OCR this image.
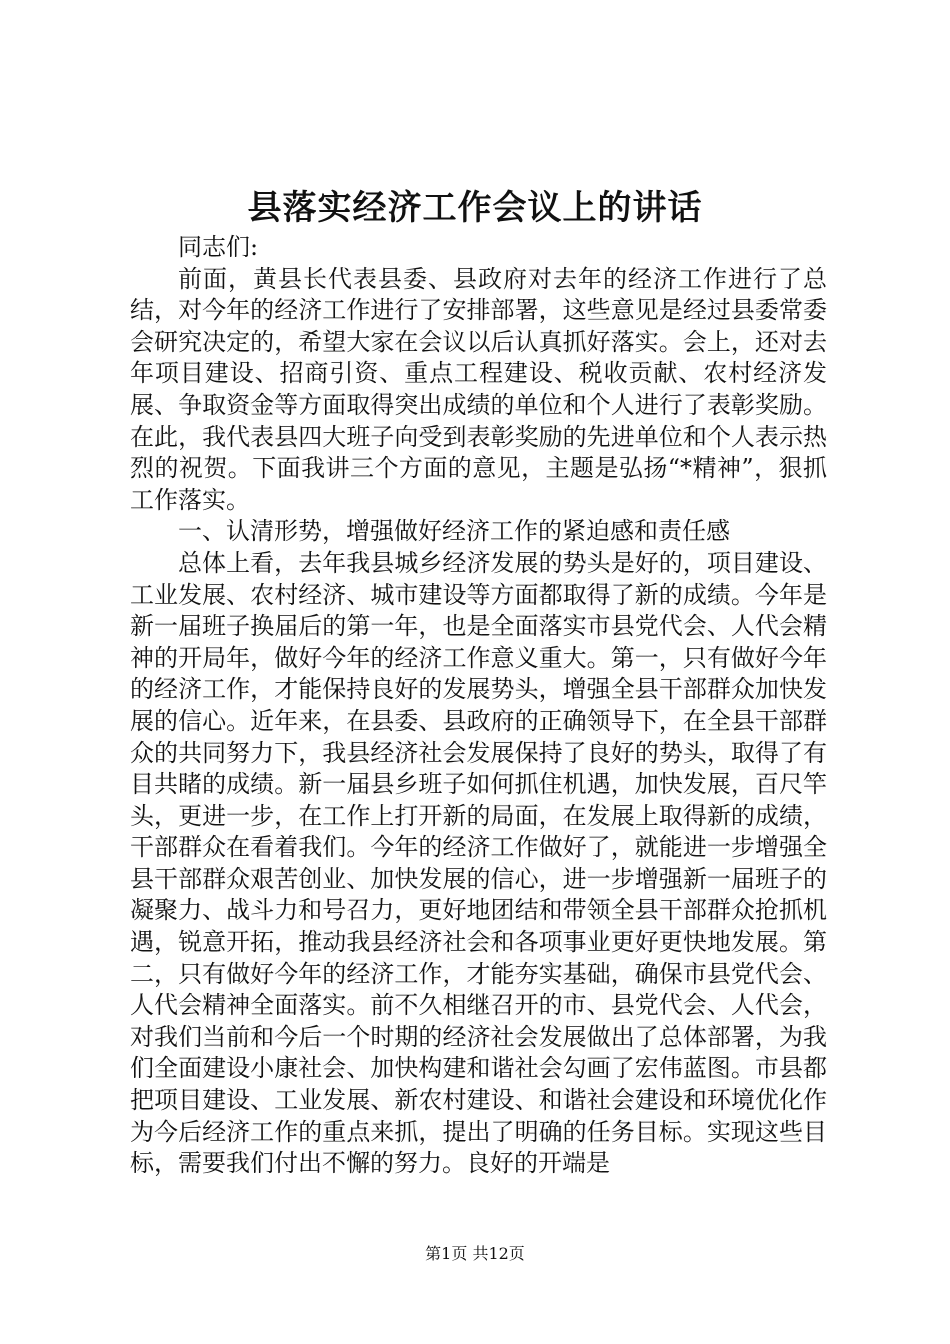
县落实经济工作会议上的讲话

同志们:

前面，黄县长代表县委、县政府对去年的经济工作进行了总结，对今年的经济工作进行了安排部署，这些意见是经过县委常委会研究决定的，希望大家在会议以后认真抓好落实。会上，还对去年项目建设、招商引资、重点工程建设、税收贡献、农村经济发展、争取资金等方面取得突出成绩的单位和个人进行了表彰奖励。在此，我代表县四大班子向受到表彰奖励的先进单位和个人表示热烈的祝贺。下面我讲三个方面的意见，主题是弘扬“*精神”，狠抓工作落实。

一、认清形势，增强做好经济工作的紧迫感和责任感

总体上看，去年我县城乡经济发展的势头是好的，项目建设、工业发展、农村经济、城市建设等方面都取得了新的成绩。今年是新一届班子换届后的第一年，也是全面落实市县党代会、人代会精神的开局年，做好今年的经济工作意义重大。第一，只有做好今年的经济工作，才能保持良好的发展势头，增强全县干部群众加快发展的信心。近年来，在县委、县政府的正确领导下，在全县干部群众的共同努力下，我县经济社会发展保持了良好的势头，取得了有目共睹的成绩。新一届县乡班子如何抓住机遇，加快发展，百尺竿头，更进一步，在工作上打开新的局面，在发展上取得新的成绩，干部群众在看着我们。今年的经济工作做好了，就能进一步增强全县干部群众艰苦创业、加快发展的信心，进一步增强新一届班子的凝聚力、战斗力和号召力，更好地团结和带领全县干部群众抢抓机遇，锐意开拓，推动我县经济社会和各项事业更好更快地发展。第二，只有做好今年的经济工作，才能夯实基础，确保市县党代会、人代会精神全面落实。前不久相继召开的市、县党代会、人代会，对我们当前和今后一个时期的经济社会发展做出了总体部署，为我们全面建设小康社会、加快构建和谐社会勾画了宏伟蓝图。市县都把项目建设、工业发展、新农村建设、和谐社会建设和环境优化作为今后经济工作的重点来抓，提出了明确的任务目标。实现这些目标，需要我们付出不懈的努力。良好的开端是

第1页 共12页
